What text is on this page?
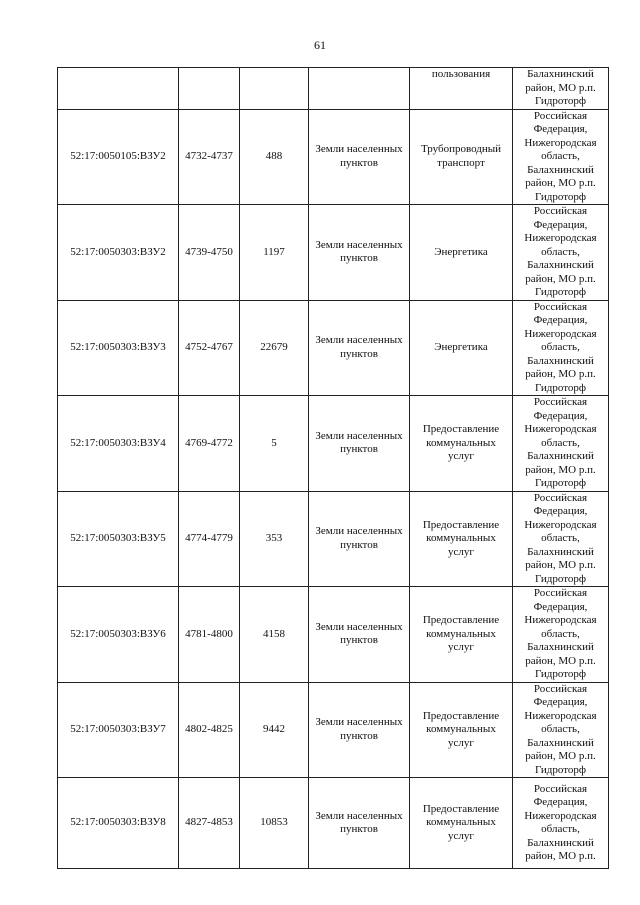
61
				пользования	Балахнинский район, МО р.п. Гидроторф
52:17:0050105:ВЗУ2	4732-4737	488	Земли населенных пунктов	Трубопроводный транспорт	Российская Федерация, Нижегородская область, Балахнинский район, МО р.п. Гидроторф
52:17:0050303:ВЗУ2	4739-4750	1197	Земли населенных пунктов	Энергетика	Российская Федерация, Нижегородская область, Балахнинский район, МО р.п. Гидроторф
52:17:0050303:ВЗУ3	4752-4767	22679	Земли населенных пунктов	Энергетика	Российская Федерация, Нижегородская область, Балахнинский район, МО р.п. Гидроторф
52:17:0050303:ВЗУ4	4769-4772	5	Земли населенных пунктов	Предоставление коммунальных услуг	Российская Федерация, Нижегородская область, Балахнинский район, МО р.п. Гидроторф
52:17:0050303:ВЗУ5	4774-4779	353	Земли населенных пунктов	Предоставление коммунальных услуг	Российская Федерация, Нижегородская область, Балахнинский район, МО р.п. Гидроторф
52:17:0050303:ВЗУ6	4781-4800	4158	Земли населенных пунктов	Предоставление коммунальных услуг	Российская Федерация, Нижегородская область, Балахнинский район, МО р.п. Гидроторф
52:17:0050303:ВЗУ7	4802-4825	9442	Земли населенных пунктов	Предоставление коммунальных услуг	Российская Федерация, Нижегородская область, Балахнинский район, МО р.п. Гидроторф
52:17:0050303:ВЗУ8	4827-4853	10853	Земли населенных пунктов	Предоставление коммунальных услуг	Российская Федерация, Нижегородская область, Балахнинский район, МО р.п.
